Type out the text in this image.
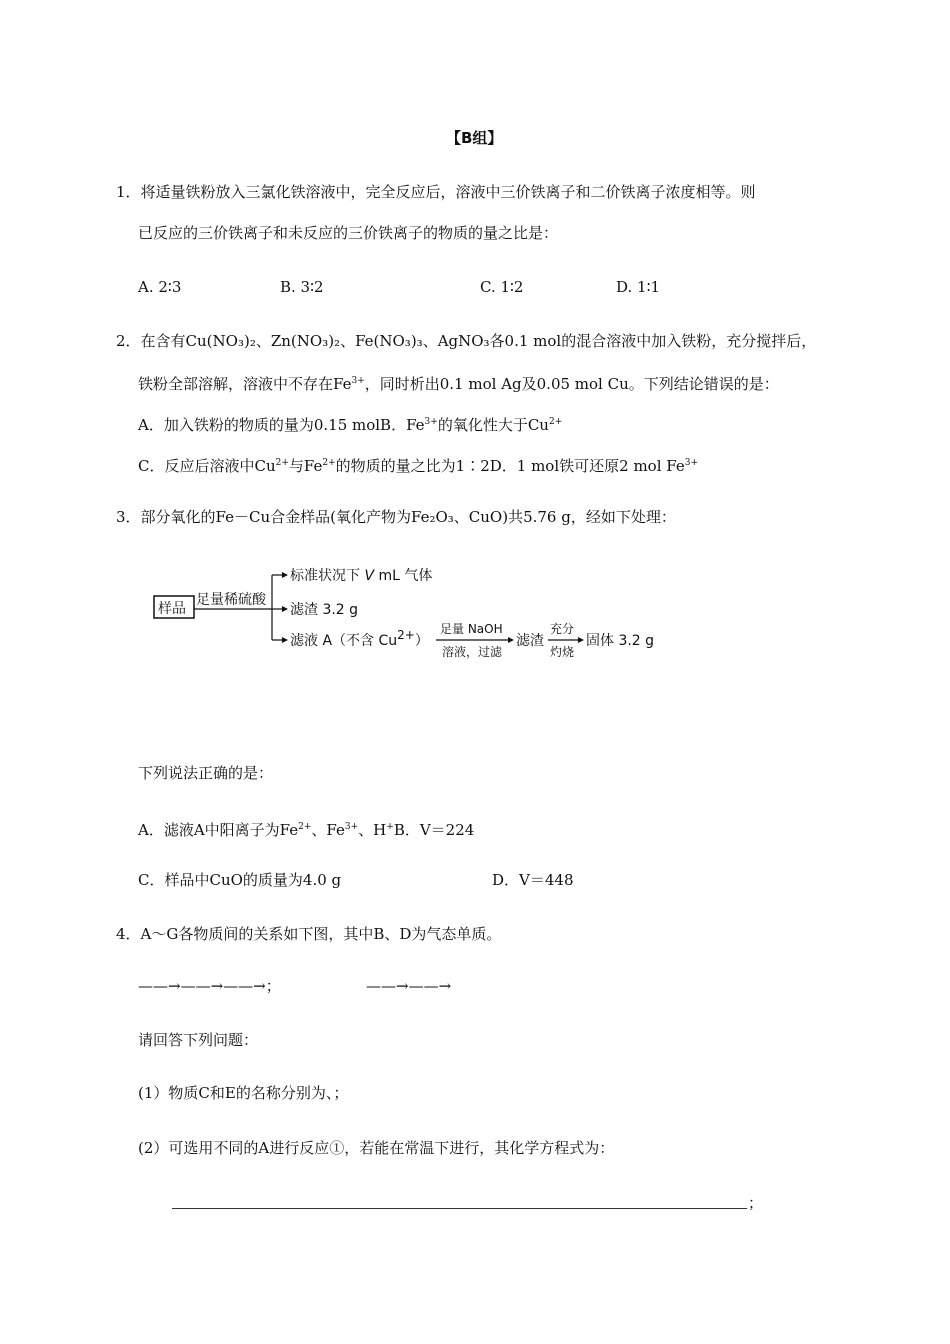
【B组】
1．将适量铁粉放入三氯化铁溶液中，完全反应后，溶液中三价铁离子和二价铁离子浓度相等。则
已反应的三价铁离子和未反应的三价铁离子的物质的量之比是：
A. 2∶3	B. 3∶2	C. 1∶2	D. 1∶1
2．在含有Cu(NO₃)₂、Zn(NO₃)₂、Fe(NO₃)₃、AgNO₃各0.1 mol的混合溶液中加入铁粉，充分搅拌后，
铁粉全部溶解，溶液中不存在$Fe^{3+}$，同时析出0.1 mol Ag及0.05 mol Cu。下列结论错误的是：
A．加入铁粉的物质的量为0.15 molB．$Fe^{3+}$的氧化性大于$Cu^{2+}$
C．反应后溶液中$Cu^{2+}$与$Fe^{2+}$的物质的量之比为1∶2D．1 mol铁可还原2 mol $Fe^{3+}$
3．部分氧化的Fe－Cu合金样品(氧化产物为Fe₂O₃、CuO)共5.76 g，经如下处理：
样品
足量稀硫酸
标准状况下 V mL 气体
滤渣 3.2 g
滤液 A（不含 Cu2+）
足量 NaOH
溶液，过滤
滤渣
充分
灼烧
固体 3.2 g
下列说法正确的是：
A．滤液A中阳离子为$Fe^{2+}$、$Fe^{3+}$、H+B．V＝224
C．样品中CuO的质量为4.0 g	D．V＝448
4．A～G各物质间的关系如下图，其中B、D为气态单质。
——→——→——→；	——→——→
请回答下列问题：
(1）物质C和E的名称分别为、；
(2）可选用不同的A进行反应①，若能在常温下进行，其化学方程式为：
；
